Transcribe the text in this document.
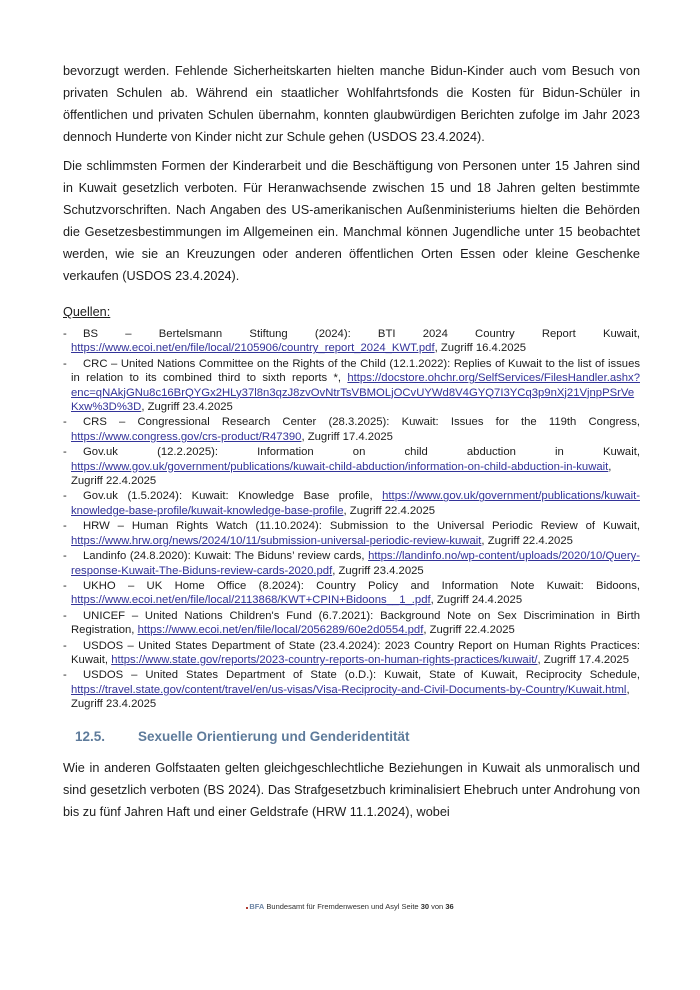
bevorzugt werden. Fehlende Sicherheitskarten hielten manche Bidun-Kinder auch vom Besuch von privaten Schulen ab. Während ein staatlicher Wohlfahrtsfonds die Kosten für Bidun-Schüler in öffentlichen und privaten Schulen übernahm, konnten glaubwürdigen Berichten zufolge im Jahr 2023 dennoch Hunderte von Kinder nicht zur Schule gehen (USDOS 23.4.2024).

Die schlimmsten Formen der Kinderarbeit und die Beschäftigung von Personen unter 15 Jahren sind in Kuwait gesetzlich verboten. Für Heranwachsende zwischen 15 und 18 Jahren gelten bestimmte Schutzvorschriften. Nach Angaben des US-amerikanischen Außenministeriums hielten die Behörden die Gesetzesbestimmungen im Allgemeinen ein. Manchmal können Jugendliche unter 15 beobachtet werden, wie sie an Kreuzungen oder anderen öffentlichen Orten Essen oder kleine Geschenke verkaufen (USDOS 23.4.2024).

Quellen:
- BS – Bertelsmann Stiftung (2024): BTI 2024 Country Report Kuwait, https://www.ecoi.net/en/file/local/2105906/country_report_2024_KWT.pdf, Zugriff 16.4.2025
- CRC – United Nations Committee on the Rights of the Child (12.1.2022): Replies of Kuwait to the list of issues in relation to its combined third to sixth reports *, https://docstore.ohchr.org/SelfServices/FilesHandler.ashx?enc=qNAkjGNu8c16BrQYGx2HLy37l8n3qzJ8zvOvNtrTsVBMOLjOCvUYWd8V4GYQ7I3YCq3p9nXj21VjnpPSrVeKxw%3D%3D, Zugriff 23.4.2025
- CRS – Congressional Research Center (28.3.2025): Kuwait: Issues for the 119th Congress, https://www.congress.gov/crs-product/R47390, Zugriff 17.4.2025
- Gov.uk (12.2.2025): Information on child abduction in Kuwait, https://www.gov.uk/government/publications/kuwait-child-abduction/information-on-child-abduction-in-kuwait, Zugriff 22.4.2025
- Gov.uk (1.5.2024): Kuwait: Knowledge Base profile, https://www.gov.uk/government/publications/kuwait-knowledge-base-profile/kuwait-knowledge-base-profile, Zugriff 22.4.2025
- HRW – Human Rights Watch (11.10.2024): Submission to the Universal Periodic Review of Kuwait, https://www.hrw.org/news/2024/10/11/submission-universal-periodic-review-kuwait, Zugriff 22.4.2025
- Landinfo (24.8.2020): Kuwait: The Biduns’ review cards, https://landinfo.no/wp-content/uploads/2020/10/Query-response-Kuwait-The-Biduns-review-cards-2020.pdf, Zugriff 23.4.2025
- UKHO – UK Home Office (8.2024): Country Policy and Information Note Kuwait: Bidoons, https://www.ecoi.net/en/file/local/2113868/KWT+CPIN+Bidoons__1_.pdf, Zugriff 24.4.2025
- UNICEF – United Nations Children's Fund (6.7.2021): Background Note on Sex Discrimination in Birth Registration, https://www.ecoi.net/en/file/local/2056289/60e2d0554.pdf, Zugriff 22.4.2025
- USDOS – United States Department of State (23.4.2024): 2023 Country Report on Human Rights Practices: Kuwait, https://www.state.gov/reports/2023-country-reports-on-human-rights-practices/kuwait/, Zugriff 17.4.2025
- USDOS – United States Department of State (o.D.): Kuwait, State of Kuwait, Reciprocity Schedule, https://travel.state.gov/content/travel/en/us-visas/Visa-Reciprocity-and-Civil-Documents-by-Country/Kuwait.html, Zugriff 23.4.2025
12.5.	Sexuelle Orientierung und Genderidentität

Wie in anderen Golfstaaten gelten gleichgeschlechtliche Beziehungen in Kuwait als unmoralisch und sind gesetzlich verboten (BS 2024). Das Strafgesetzbuch kriminalisiert Ehebruch unter Androhung von bis zu fünf Jahren Haft und einer Geldstrafe (HRW 11.1.2024), wobei

BFA Bundesamt für Fremdenwesen und Asyl Seite 30 von 36
